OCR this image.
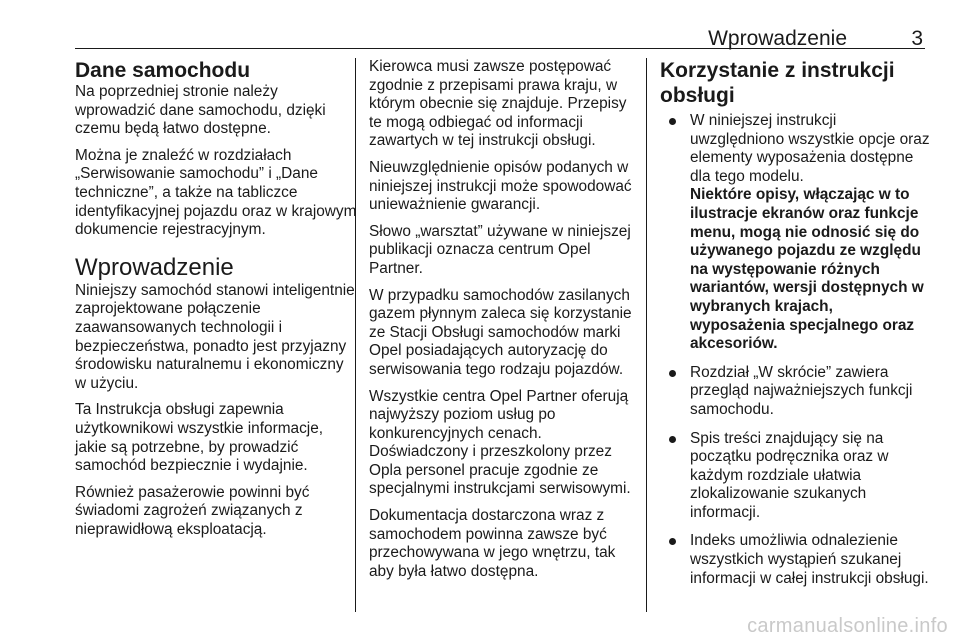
Wprowadzenie	3
Dane samochodu

Na poprzedniej stronie należy wprowadzić dane samochodu, dzięki czemu będą łatwo dostępne.

Można je znaleźć w rozdziałach „Serwisowanie samochodu” i „Dane techniczne”, a także na tabliczce identyfikacyjnej pojazdu oraz w krajowym dokumencie rejestracyjnym.

Wprowadzenie

Niniejszy samochód stanowi inteligentnie zaprojektowane połączenie zaawansowanych technologii i bezpieczeństwa, ponadto jest przyjazny środowisku naturalnemu i ekonomiczny w użyciu.

Ta Instrukcja obsługi zapewnia użytkownikowi wszystkie informacje, jakie są potrzebne, by prowadzić samochód bezpiecznie i wydajnie.

Również pasażerowie powinni być świadomi zagrożeń związanych z nieprawidłową eksploatacją.

Kierowca musi zawsze postępować zgodnie z przepisami prawa kraju, w którym obecnie się znajduje. Przepisy te mogą odbiegać od informacji zawartych w tej instrukcji obsługi.

Nieuwzględnienie opisów podanych w niniejszej instrukcji może spowodować unieważnienie gwarancji.

Słowo „warsztat” używane w niniejszej publikacji oznacza centrum Opel Partner.

W przypadku samochodów zasilanych gazem płynnym zaleca się korzystanie ze Stacji Obsługi samochodów marki Opel posiadających autoryzację do serwisowania tego rodzaju pojazdów.

Wszystkie centra Opel Partner oferują najwyższy poziom usług po konkurencyjnych cenach. Doświadczony i przeszkolony przez Opla personel pracuje zgodnie ze specjalnymi instrukcjami serwisowymi.

Dokumentacja dostarczona wraz z samochodem powinna zawsze być przechowywana w jego wnętrzu, tak aby była łatwo dostępna.

Korzystanie z instrukcji obsługi
W niniejszej instrukcji uwzględniono wszystkie opcje oraz elementy wyposażenia dostępne dla tego modelu.
Niektóre opisy, włączając w to ilustracje ekranów oraz funkcje menu, mogą nie odnosić się do używanego pojazdu ze względu na występowanie różnych wariantów, wersji dostępnych w wybranych krajach, wyposażenia specjalnego oraz akcesoriów.
Rozdział „W skrócie” zawiera przegląd najważniejszych funkcji samochodu.
Spis treści znajdujący się na początku podręcznika oraz w każdym rozdziale ułatwia zlokalizowanie szukanych informacji.
Indeks umożliwia odnalezienie wszystkich wystąpień szukanej informacji w całej instrukcji obsługi.
carmanualsonline.info
